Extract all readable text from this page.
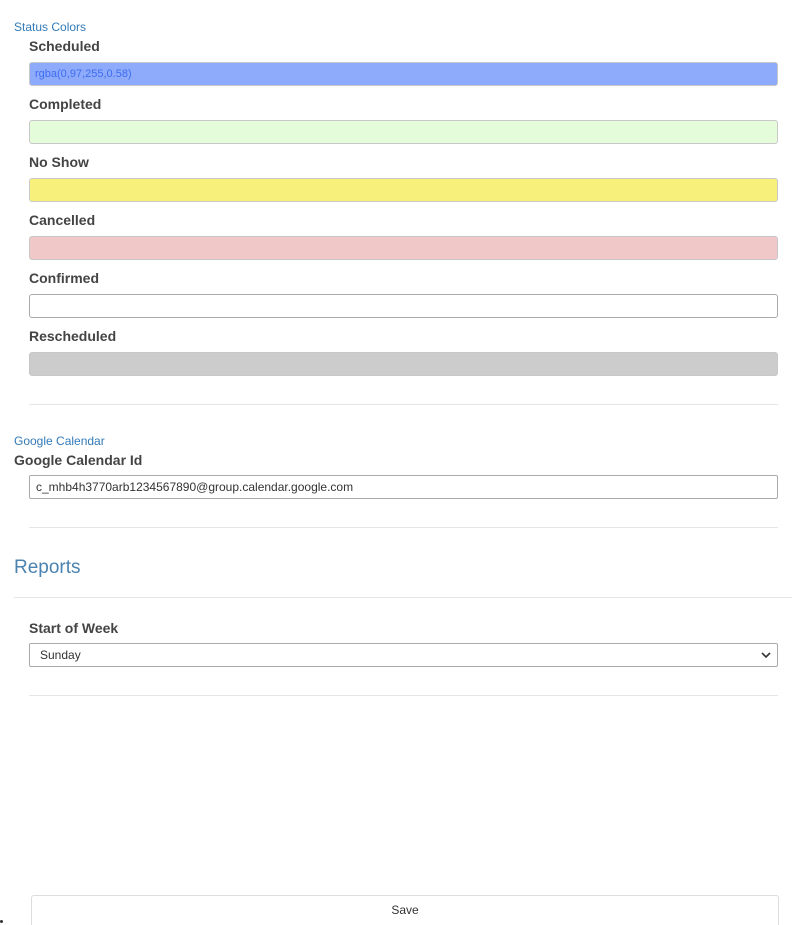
Status Colors
Scheduled
rgba(0,97,255,0.58)
Completed
No Show
Cancelled
Confirmed
Rescheduled
Google Calendar
Google Calendar Id
c_mhb4h3770arb1234567890@group.calendar.google.com
Reports
Start of Week
Sunday
Save
